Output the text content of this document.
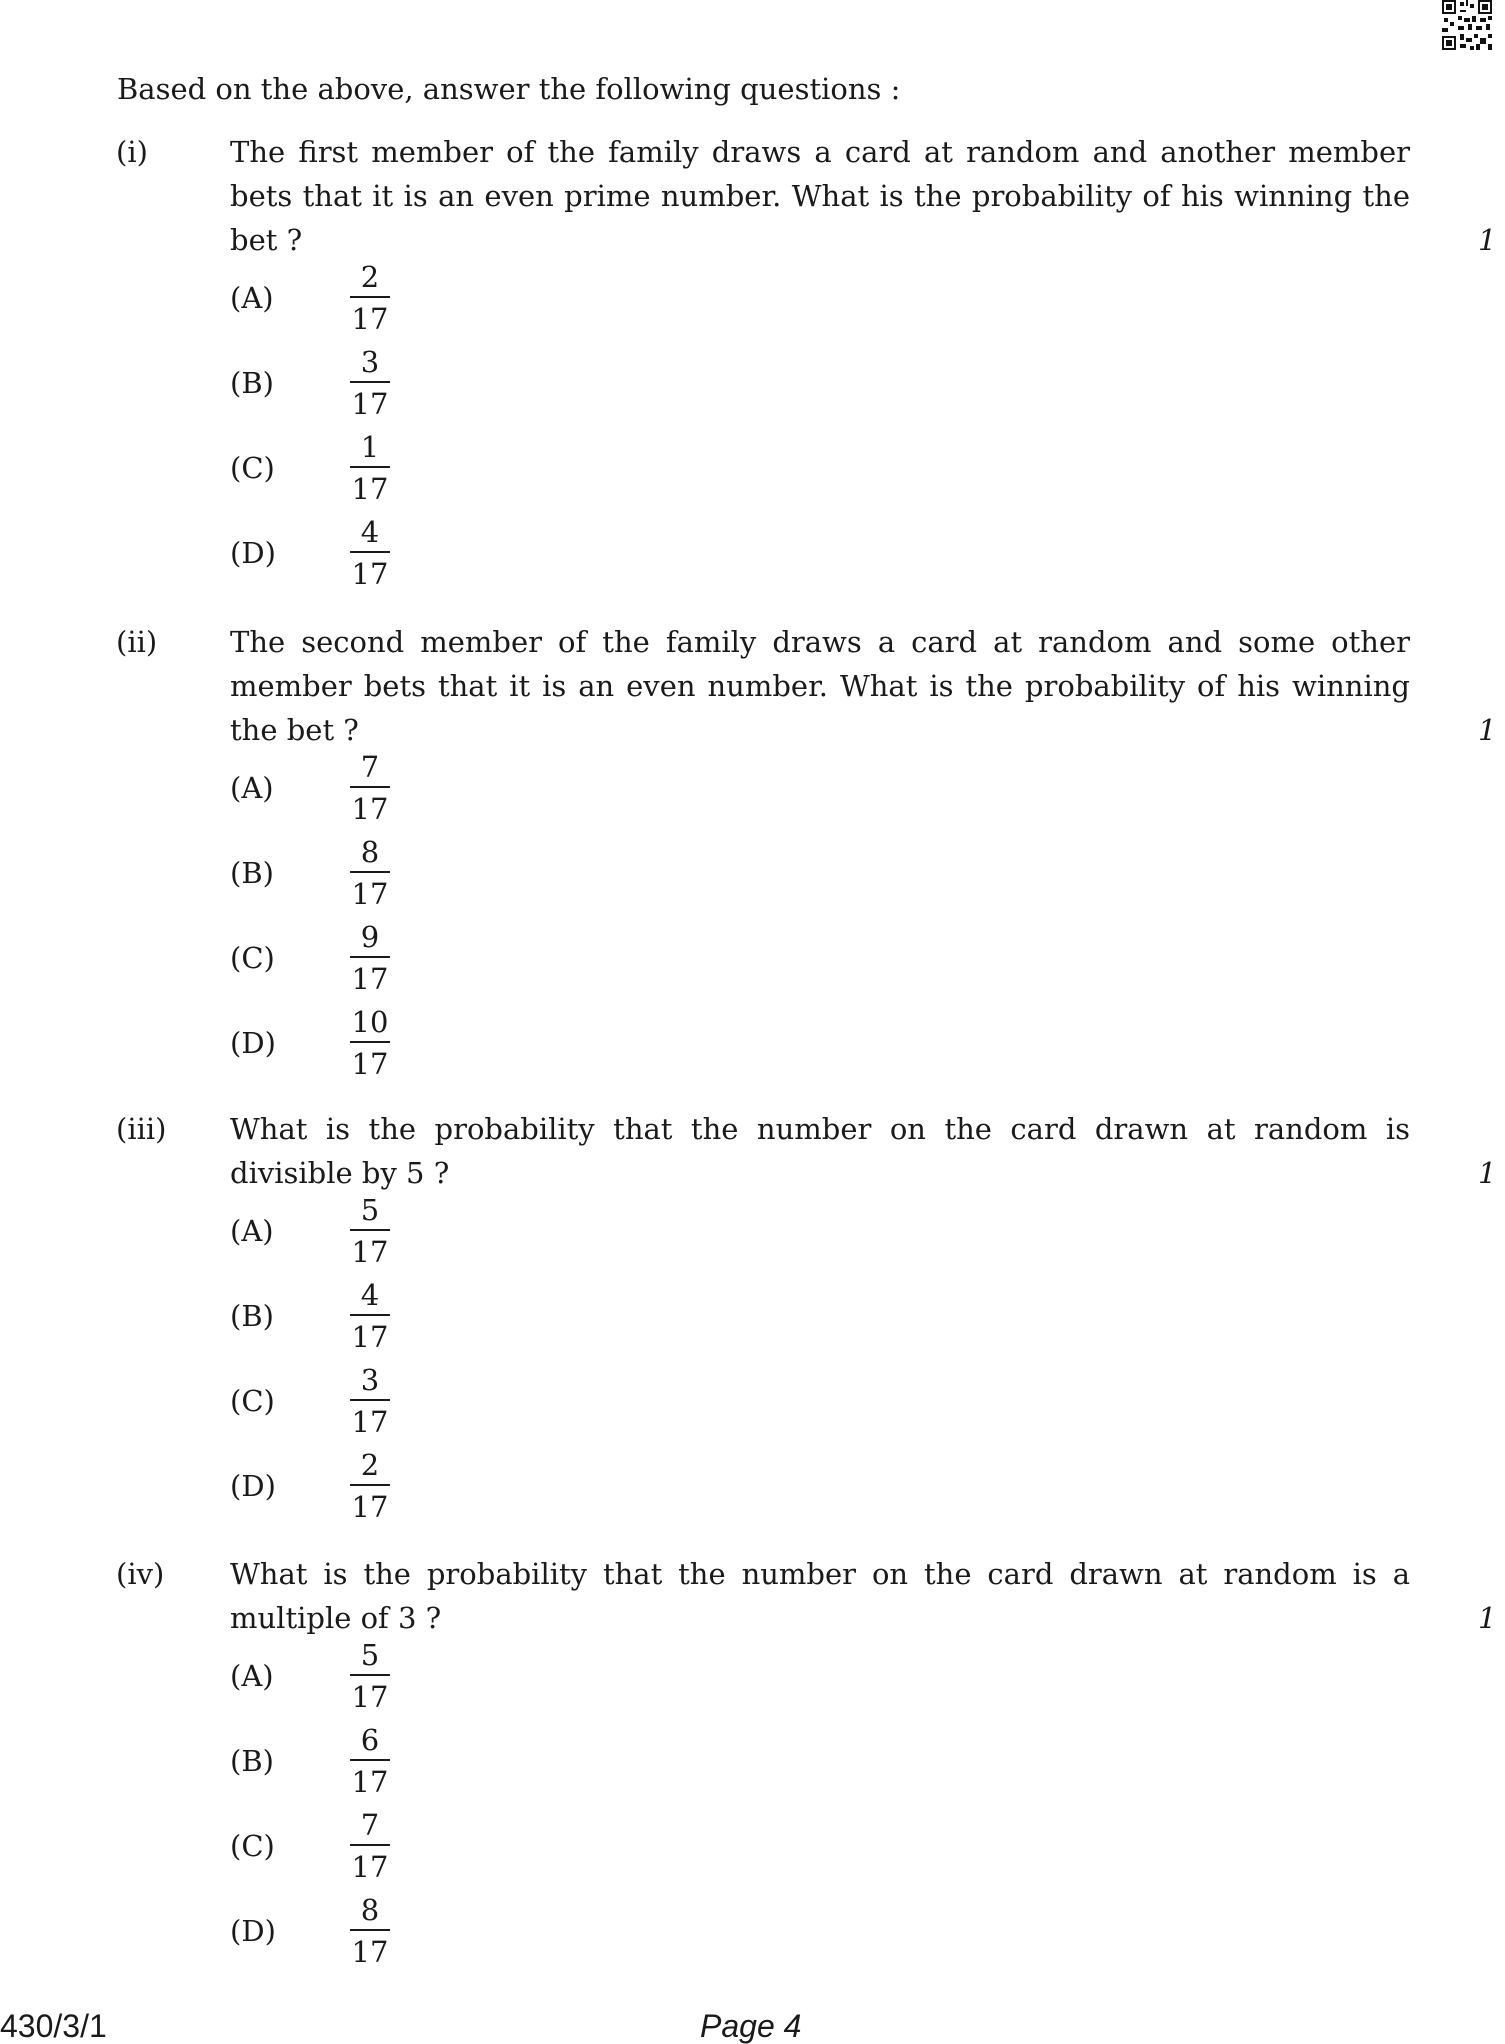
Based on the above, answer the following questions :
(i)	The first member of the family draws a card at random and another member bets that it is an even prime number. What is the probability of his winning the bet ?	1
(A)
2
17
(B)
3
17
(C)
1
17
(D)
4
17
(ii)	The second member of the family draws a card at random and some other member bets that it is an even number. What is the probability of his winning the bet ?	1
(A)
7
17
(B)
8
17
(C)
9
17
(D)
10
17
(iii) What is the probability that the number on the card drawn at random is divisible by 5 ?	1
(A)
5
17
(B)
4
17
(C)
3
17
(D)
2
17
(iv) What is the probability that the number on the card drawn at random is a multiple of 3 ?	1
(A)
5
17
(B)
6
17
(C)
7
17
(D)
8
17
430/3/1	Page 4
